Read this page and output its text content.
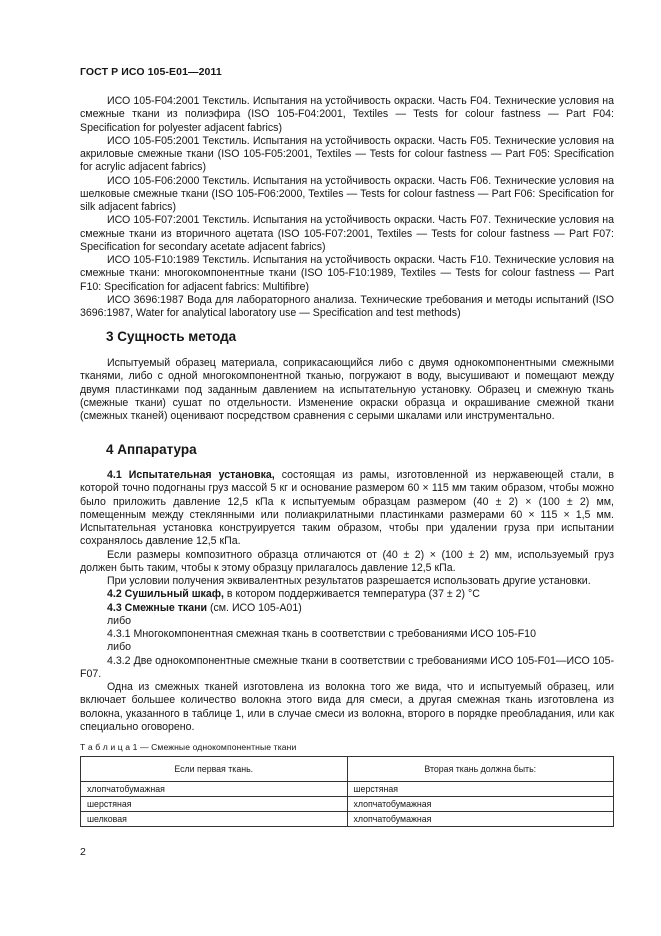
ГОСТ Р ИСО 105-E01—2011

ИСО 105-F04:2001 Текстиль. Испытания на устойчивость окраски. Часть F04. Технические условия на смежные ткани из полиэфира (ISO 105-F04:2001, Textiles — Tests for colour fastness — Part F04: Specification for polyester adjacent fabrics)

ИСО 105-F05:2001 Текстиль. Испытания на устойчивость окраски. Часть F05. Технические условия на акриловые смежные ткани (ISO 105-F05:2001, Textiles — Tests for colour fastness — Part F05: Specification for acrylic adjacent fabrics)

ИСО 105-F06:2000 Текстиль. Испытания на устойчивость окраски. Часть F06. Технические условия на шелковые смежные ткани (ISO 105-F06:2000, Textiles — Tests for colour fastness — Part F06: Specification for silk adjacent fabrics)

ИСО 105-F07:2001 Текстиль. Испытания на устойчивость окраски. Часть F07. Технические условия на смежные ткани из вторичного ацетата (ISO 105-F07:2001, Textiles — Tests for colour fastness — Part F07: Specification for secondary acetate adjacent fabrics)

ИСО 105-F10:1989 Текстиль. Испытания на устойчивость окраски. Часть F10. Технические условия на смежные ткани: многокомпонентные ткани (ISO 105-F10:1989, Textiles — Tests for colour fastness — Part F10: Specification for adjacent fabrics: Multifibre)

ИСО 3696:1987 Вода для лабораторного анализа. Технические требования и методы испытаний (ISO 3696:1987, Water for analytical laboratory use — Specification and test methods)

3 Сущность метода

Испытуемый образец материала, соприкасающийся либо с двумя однокомпонентными смежными тканями, либо с одной многокомпонентной тканью, погружают в воду, высушивают и помещают между двумя пластинками под заданным давлением на испытательную установку. Образец и смежную ткань (смежные ткани) сушат по отдельности. Изменение окраски образца и окрашивание смежной ткани (смежных тканей) оценивают посредством сравнения с серыми шкалами или инструментально.

4 Аппаратура

4.1 Испытательная установка, состоящая из рамы, изготовленной из нержавеющей стали, в которой точно подогнаны груз массой 5 кг и основание размером 60 × 115 мм таким образом, чтобы можно было приложить давление 12,5 кПа к испытуемым образцам размером (40 ± 2) × (100 ± 2) мм, помещенным между стеклянными или полиакрилатными пластинками размерами 60 × 115 × 1,5 мм. Испытательная установка конструируется таким образом, чтобы при удалении груза при испытании сохранялось давление 12,5 кПа.

Если размеры композитного образца отличаются от (40 ± 2) × (100 ± 2) мм, используемый груз должен быть таким, чтобы к этому образцу прилагалось давление 12,5 кПа.

При условии получения эквивалентных результатов разрешается использовать другие установки.

4.2 Сушильный шкаф, в котором поддерживается температура (37 ± 2) °С

4.3 Смежные ткани (см. ИСО 105-A01)

либо

4.3.1 Многокомпонентная смежная ткань в соответствии с требованиями ИСО 105-F10

либо

4.3.2 Две однокомпонентные смежные ткани в соответствии с требованиями ИСО 105-F01—ИСО 105-F07.

Одна из смежных тканей изготовлена из волокна того же вида, что и испытуемый образец, или включает большее количество волокна этого вида для смеси, а другая смежная ткань изготовлена из волокна, указанного в таблице 1, или в случае смеси из волокна, второго в порядке преобладания, или как специально оговорено.

Т а б л и ц а 1 — Смежные однокомпонентные ткани
Если первая ткань.	Вторая ткань должна быть:
хлопчатобумажная	шерстяная
шерстяная	хлопчатобумажная
шелковая	хлопчатобумажная
2
